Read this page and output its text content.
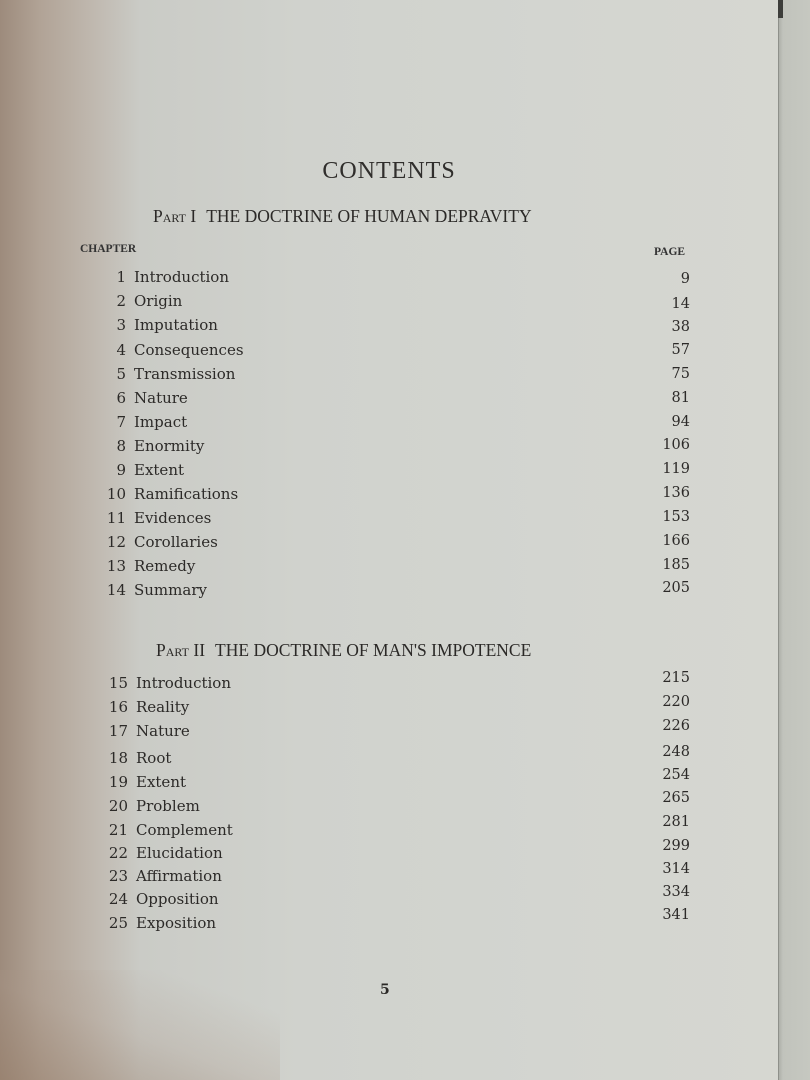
CONTENTS
Part I THE DOCTRINE OF HUMAN DEPRAVITY
CHAPTER	PAGE
1 Introduction	9
2 Origin	14
3 Imputation	38
4 Consequences	57
5 Transmission	75
6 Nature	81
7 Impact	94
8 Enormity	106
9 Extent	119
10 Ramifications	136
11 Evidences	153
12 Corollaries	166
13 Remedy	185
14 Summary	205
Part II THE DOCTRINE OF MAN'S IMPOTENCE
15 Introduction	215
16 Reality	220
17 Nature	226
18 Root	248
19 Extent	254
20 Problem	265
21 Complement	281
22 Elucidation	299
23 Affirmation	314
24 Opposition	334
25 Exposition	341
5
